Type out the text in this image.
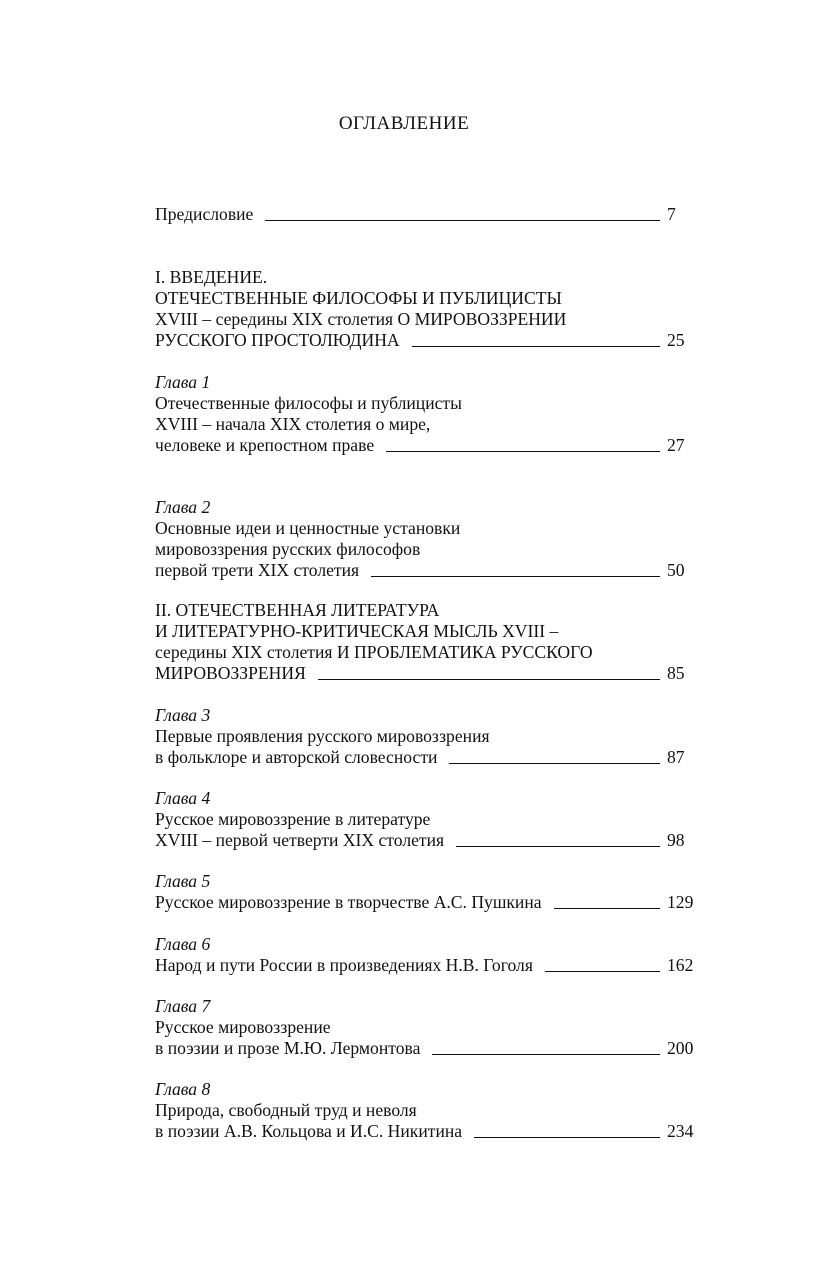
ОГЛАВЛЕНИЕ
Предисловие	7
I. ВВЕДЕНИЕ.
ОТЕЧЕСТВЕННЫЕ ФИЛОСОФЫ И ПУБЛИЦИСТЫ
XVIII – середины XIX столетия О МИРОВОЗЗРЕНИИ
РУССКОГО ПРОСТОЛЮДИНА	25
Глава 1
Отечественные философы и публицисты
XVIII – начала XIX столетия о мире,
человеке и крепостном праве	27
Глава 2
Основные идеи и ценностные установки
мировоззрения русских философов
первой трети XIX столетия	50
II. ОТЕЧЕСТВЕННАЯ ЛИТЕРАТУРА
И ЛИТЕРАТУРНО-КРИТИЧЕСКАЯ МЫСЛЬ XVIII –
середины XIX столетия И ПРОБЛЕМАТИКА РУССКОГО
МИРОВОЗЗРЕНИЯ	85
Глава 3
Первые проявления русского мировоззрения
в фольклоре и авторской словесности	87
Глава 4
Русское мировоззрение в литературе
XVIII – первой четверти XIX столетия	98
Глава 5
Русское мировоззрение в творчестве А.С. Пушкина	129
Глава 6
Народ и пути России в произведениях Н.В. Гоголя	162
Глава 7
Русское мировоззрение
в поэзии и прозе М.Ю. Лермонтова	200
Глава 8
Природа, свободный труд и неволя
в поэзии А.В. Кольцова и И.С. Никитина	234
